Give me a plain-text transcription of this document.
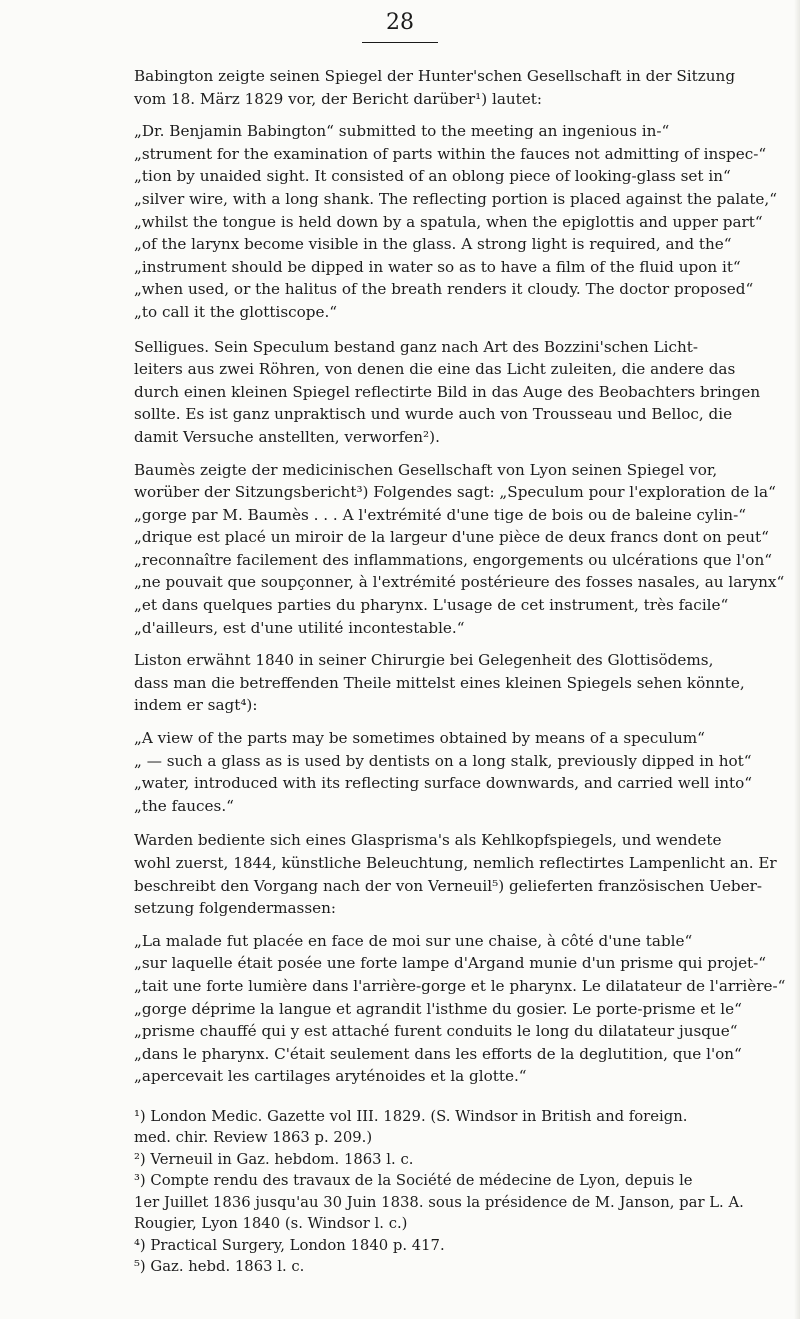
28
Babington zeigte seinen Spiegel der Hunter'schen Gesellschaft in der Sitzung
vom 18. März 1829 vor, der Bericht darüber¹) lautet:
„Dr. Benjamin Babington“ submitted to the meeting an ingenious in-“
„strument for the examination of parts within the fauces not admitting of inspec-“
„tion by unaided sight. It consisted of an oblong piece of looking-glass set in“
„silver wire, with a long shank. The reflecting portion is placed against the palate,“
„whilst the tongue is held down by a spatula, when the epiglottis and upper part“
„of the larynx become visible in the glass. A strong light is required, and the“
„instrument should be dipped in water so as to have a film of the fluid upon it“
„when used, or the halitus of the breath renders it cloudy. The doctor proposed“
„to call it the glottiscope.“
Selligues. Sein Speculum bestand ganz nach Art des Bozzini'schen Licht-
leiters aus zwei Röhren, von denen die eine das Licht zuleiten, die andere das
durch einen kleinen Spiegel reflectirte Bild in das Auge des Beobachters bringen
sollte. Es ist ganz unpraktisch und wurde auch von Trousseau und Belloc, die
damit Versuche anstellten, verworfen²).
Baumès zeigte der medicinischen Gesellschaft von Lyon seinen Spiegel vor,
worüber der Sitzungsbericht³) Folgendes sagt: „Speculum pour l'exploration de la“
„gorge par M. Baumès . . . A l'extrémité d'une tige de bois ou de baleine cylin-“
„drique est placé un miroir de la largeur d'une pièce de deux francs dont on peut“
„reconnaître facilement des inflammations, engorgements ou ulcérations que l'on“
„ne pouvait que soupçonner, à l'extrémité postérieure des fosses nasales, au larynx“
„et dans quelques parties du pharynx. L'usage de cet instrument, très facile“
„d'ailleurs, est d'une utilité incontestable.“
Liston erwähnt 1840 in seiner Chirurgie bei Gelegenheit des Glottisödems,
dass man die betreffenden Theile mittelst eines kleinen Spiegels sehen könnte,
indem er sagt⁴):
„A view of the parts may be sometimes obtained by means of a speculum“
„ — such a glass as is used by dentists on a long stalk, previously dipped in hot“
„water, introduced with its reflecting surface downwards, and carried well into“
„the fauces.“
Warden bediente sich eines Glasprisma's als Kehlkopfspiegels, und wendete
wohl zuerst, 1844, künstliche Beleuchtung, nemlich reflectirtes Lampenlicht an. Er
beschreibt den Vorgang nach der von Verneuil⁵) gelieferten französischen Ueber-
setzung folgendermassen:
„La malade fut placée en face de moi sur une chaise, à côté d'une table“
„sur laquelle était posée une forte lampe d'Argand munie d'un prisme qui projet-“
„tait une forte lumière dans l'arrière-gorge et le pharynx. Le dilatateur de l'arrière-“
„gorge déprime la langue et agrandit l'isthme du gosier. Le porte-prisme et le“
„prisme chauffé qui y est attaché furent conduits le long du dilatateur jusque“
„dans le pharynx. C'était seulement dans les efforts de la deglutition, que l'on“
„apercevait les cartilages aryténoides et la glotte.“
¹) London Medic. Gazette vol III. 1829. (S. Windsor in British and foreign.
med. chir. Review 1863 p. 209.)
²) Verneuil in Gaz. hebdom. 1863 l. c.
³) Compte rendu des travaux de la Société de médecine de Lyon, depuis le
1er Juillet 1836 jusqu'au 30 Juin 1838. sous la présidence de M. Janson, par L. A.
Rougier, Lyon 1840 (s. Windsor l. c.)
⁴) Practical Surgery, London 1840 p. 417.
⁵) Gaz. hebd. 1863 l. c.
